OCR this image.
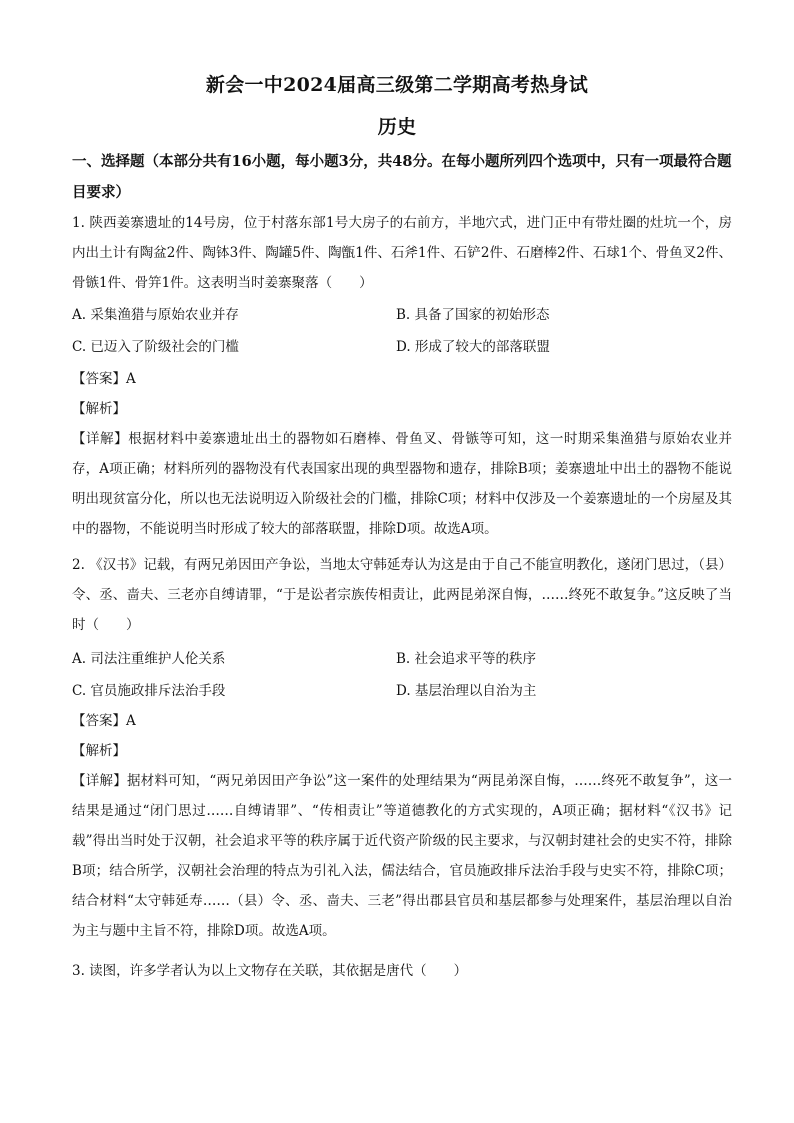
新会一中2024届高三级第二学期高考热身试
历史
一、选择题（本部分共有16小题，每小题3分，共48分。在每小题所列四个选项中，只有一项最符合题目要求）
1. 陕西姜寨遗址的14号房，位于村落东部1号大房子的右前方，半地穴式，进门正中有带灶圈的灶坑一个，房内出土计有陶盆2件、陶钵3件、陶罐5件、陶甑1件、石斧1件、石铲2件、石磨棒2件、石球1个、骨鱼叉2件、骨镞1件、骨笄1件。这表明当时姜寨聚落（　　）
A. 采集渔猎与原始农业并存	B. 具备了国家的初始形态
C. 已迈入了阶级社会的门槛	D. 形成了较大的部落联盟
【答案】A
【解析】
【详解】根据材料中姜寨遗址出土的器物如石磨棒、骨鱼叉、骨镞等可知，这一时期采集渔猎与原始农业并存，A项正确；材料所列的器物没有代表国家出现的典型器物和遗存，排除B项；姜寨遗址中出土的器物不能说明出现贫富分化，所以也无法说明迈入阶级社会的门槛，排除C项；材料中仅涉及一个姜寨遗址的一个房屋及其中的器物，不能说明当时形成了较大的部落联盟，排除D项。故选A项。
2. 《汉书》记载，有两兄弟因田产争讼，当地太守韩延寿认为这是由于自己不能宣明教化，遂闭门思过，（县）令、丞、啬夫、三老亦自缚请罪，“于是讼者宗族传相责让，此两昆弟深自悔，……终死不敢复争。”这反映了当时（　　）
A. 司法注重维护人伦关系	B. 社会追求平等的秩序
C. 官员施政排斥法治手段	D. 基层治理以自治为主
【答案】A
【解析】
【详解】据材料可知，“两兄弟因田产争讼”这一案件的处理结果为“两昆弟深自悔，……终死不敢复争”，这一结果是通过“闭门思过……自缚请罪”、“传相责让”等道德教化的方式实现的，A项正确；据材料“《汉书》记载”得出当时处于汉朝，社会追求平等的秩序属于近代资产阶级的民主要求，与汉朝封建社会的史实不符，排除B项；结合所学，汉朝社会治理的特点为引礼入法，儒法结合，官员施政排斥法治手段与史实不符，排除C项；结合材料“太守韩延寿……（县）令、丞、啬夫、三老”得出郡县官员和基层都参与处理案件，基层治理以自治为主与题中主旨不符，排除D项。故选A项。
3. 读图，许多学者认为以上文物存在关联，其依据是唐代（　　）
